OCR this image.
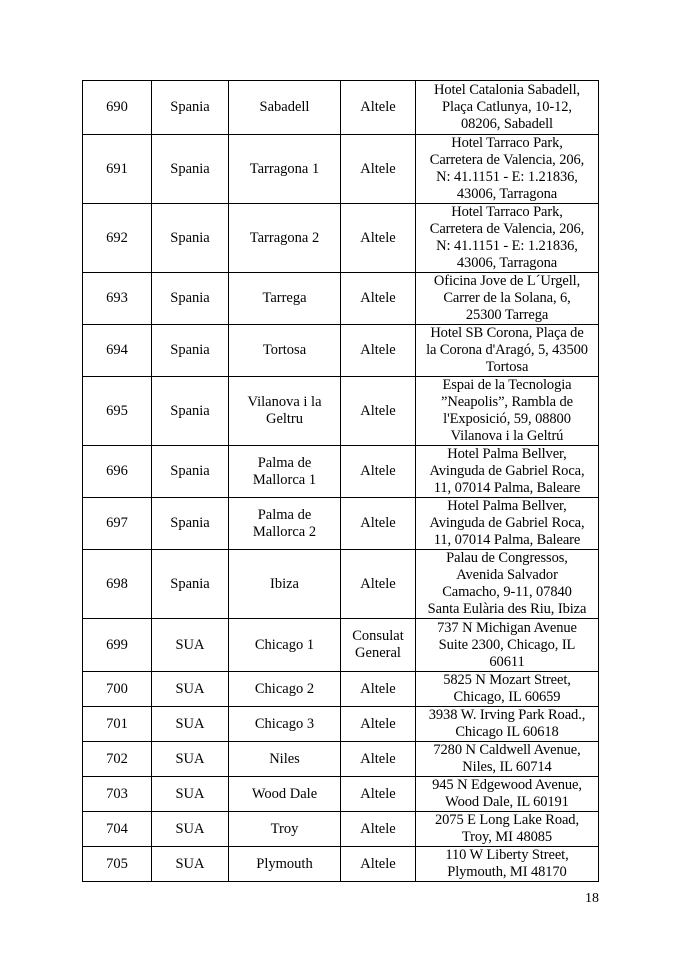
690	Spania	Sabadell	Altele	Hotel Catalonia Sabadell,
Plaça Catlunya, 10-12,
08206, Sabadell
691	Spania	Tarragona 1	Altele	Hotel Tarraco Park,
Carretera de Valencia, 206,
N: 41.1151 - E: 1.21836,
43006, Tarragona
692	Spania	Tarragona 2	Altele	Hotel Tarraco Park,
Carretera de Valencia, 206,
N: 41.1151 - E: 1.21836,
43006, Tarragona
693	Spania	Tarrega	Altele	Oficina Jove de L´Urgell,
Carrer de la Solana, 6,
25300 Tarrega
694	Spania	Tortosa	Altele	Hotel SB Corona, Plaça de
la Corona d'Aragó, 5, 43500
Tortosa
695	Spania	Vilanova i la
Geltru	Altele	Espai de la Tecnologia
”Neapolis”, Rambla de
l'Exposició, 59, 08800
Vilanova i la Geltrú
696	Spania	Palma de
Mallorca 1	Altele	Hotel Palma Bellver,
Avinguda de Gabriel Roca,
11, 07014 Palma, Baleare
697	Spania	Palma de
Mallorca 2	Altele	Hotel Palma Bellver,
Avinguda de Gabriel Roca,
11, 07014 Palma, Baleare
698	Spania	Ibiza	Altele	Palau de Congressos,
Avenida Salvador
Camacho, 9-11, 07840
Santa Eulària des Riu, Ibiza
699	SUA	Chicago 1	Consulat
General	737 N Michigan Avenue
Suite 2300, Chicago, IL
60611
700	SUA	Chicago 2	Altele	5825 N Mozart Street,
Chicago, IL 60659
701	SUA	Chicago 3	Altele	3938 W. Irving Park Road.,
Chicago IL 60618
702	SUA	Niles	Altele	7280 N Caldwell Avenue,
Niles, IL 60714
703	SUA	Wood Dale	Altele	945 N Edgewood Avenue,
Wood Dale, IL 60191
704	SUA	Troy	Altele	2075 E Long Lake Road,
Troy, MI 48085
705	SUA	Plymouth	Altele	110 W Liberty Street,
Plymouth, MI 48170
18
